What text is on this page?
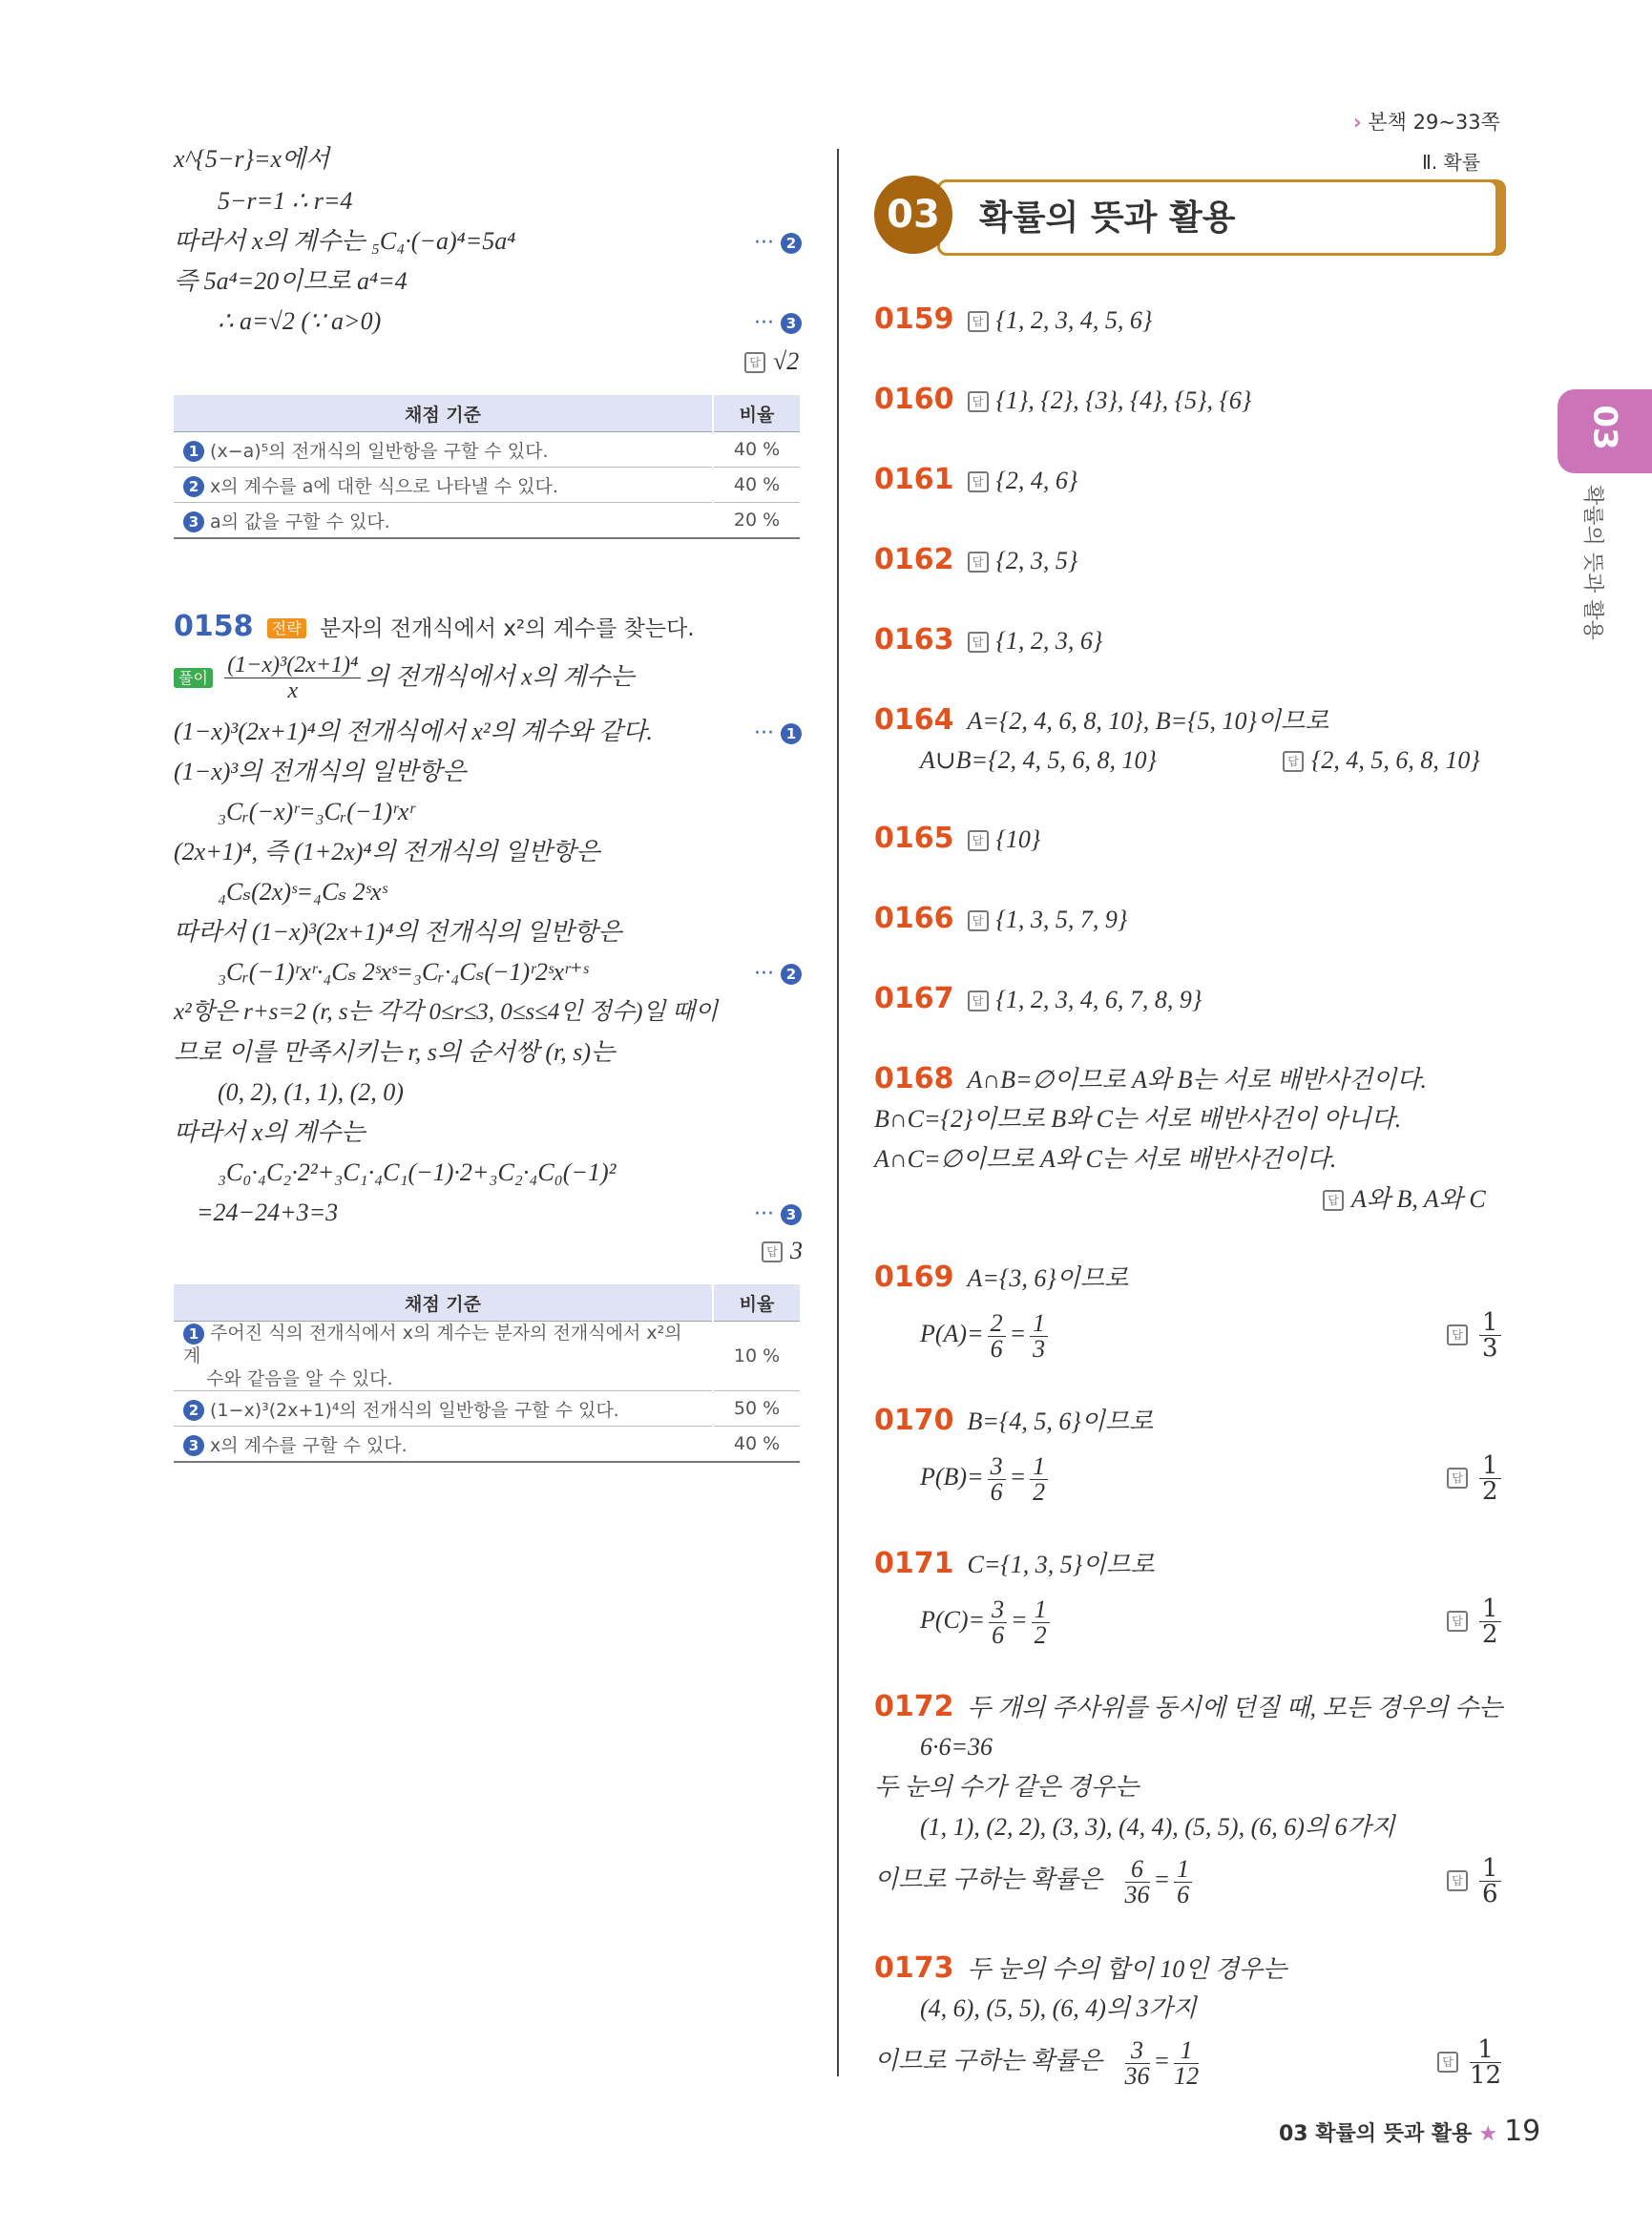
› 본책 29~33쪽
Ⅱ. 확률
03	확률의 뜻과 활용
03
확률의 뜻과 활용
x^{5−r}=x에서
5−r=1 ∴ r=4
따라서 x의 계수는 ₅C₄·(−a)⁴=5a⁴	··· 2
즉 5a⁴=20이므로 a⁴=4
∴ a=√2 (∵ a>0)	··· 3
답 √2
채점 기준	비율
1 (x−a)⁵의 전개식의 일반항을 구할 수 있다.	40 %
2 x의 계수를 a에 대한 식으로 나타낼 수 있다.	40 %
3 a의 값을 구할 수 있다.	20 %
0158 전략 분자의 전개식에서 x²의 계수를 찾는다.
풀이 $\frac{\text{(1−x)³(2x+1)⁴}}{x}$ 의 전개식에서 x의 계수는
(1−x)³(2x+1)⁴의 전개식에서 x²의 계수와 같다.	··· 1
(1−x)³의 전개식의 일반항은
₃Cᵣ(−x)ʳ=₃Cᵣ(−1)ʳxʳ
(2x+1)⁴, 즉 (1+2x)⁴의 전개식의 일반항은
₄Cₛ(2x)ˢ=₄Cₛ 2ˢxˢ
따라서 (1−x)³(2x+1)⁴의 전개식의 일반항은
₃Cᵣ(−1)ʳxʳ·₄Cₛ 2ˢxˢ=₃Cᵣ·₄Cₛ(−1)ʳ2ˢxʳ⁺ˢ	··· 2
x²항은 r+s=2 (r, s는 각각 0≤r≤3, 0≤s≤4인 정수)일 때이
므로 이를 만족시키는 r, s의 순서쌍 (r, s)는
(0, 2), (1, 1), (2, 0)
따라서 x의 계수는
₃C₀·₄C₂·2²+₃C₁·₄C₁(−1)·2+₃C₂·₄C₀(−1)²
=24−24+3=3	··· 3
답 3
채점 기준	비율
1 주어진 식의 전개식에서 x의 계수는 분자의 전개식에서 x²의 계
수와 같음을 알 수 있다.	10 %
2 (1−x)³(2x+1)⁴의 전개식의 일반항을 구할 수 있다.	50 %
3 x의 계수를 구할 수 있다.	40 %
0159 답 {1, 2, 3, 4, 5, 6}
0160 답 {1}, {2}, {3}, {4}, {5}, {6}
0161 답 {2, 4, 6}
0162 답 {2, 3, 5}
0163 답 {1, 2, 3, 6}
0164 A={2, 4, 6, 8, 10}, B={5, 10}이므로
A∪B={2, 4, 5, 6, 8, 10}	답 {2, 4, 5, 6, 8, 10}
0165 답 {10}
0166 답 {1, 3, 5, 7, 9}
0167 답 {1, 2, 3, 4, 6, 7, 8, 9}
0168 A∩B=∅이므로 A와 B는 서로 배반사건이다.
B∩C={2}이므로 B와 C는 서로 배반사건이 아니다.
A∩C=∅이므로 A와 C는 서로 배반사건이다.
답 A와 B, A와 C
0169 A={3, 6}이므로
$P(A)= \frac{2}{6} = \frac{1}{3}$	답 $\frac{1}{3}$
0170 B={4, 5, 6}이므로
$P(B)= \frac{3}{6} = \frac{1}{2}$	답 $\frac{1}{2}$
0171 C={1, 3, 5}이므로
$P(C)= \frac{3}{6} = \frac{1}{2}$	답 $\frac{1}{2}$
0172 두 개의 주사위를 동시에 던질 때, 모든 경우의 수는
6·6=36
두 눈의 수가 같은 경우는
(1, 1), (2, 2), (3, 3), (4, 4), (5, 5), (6, 6)의 6가지
이므로 구하는 확률은 $\frac{6}{36} = \frac{1}{6}$	답 $\frac{1}{6}$
0173 두 눈의 수의 합이 10인 경우는
(4, 6), (5, 5), (6, 4)의 3가지
이므로 구하는 확률은 $\frac{3}{36} = \frac{1}{12}$	답 $\frac{1}{12}$
03 확률의 뜻과 활용 ★ 19
